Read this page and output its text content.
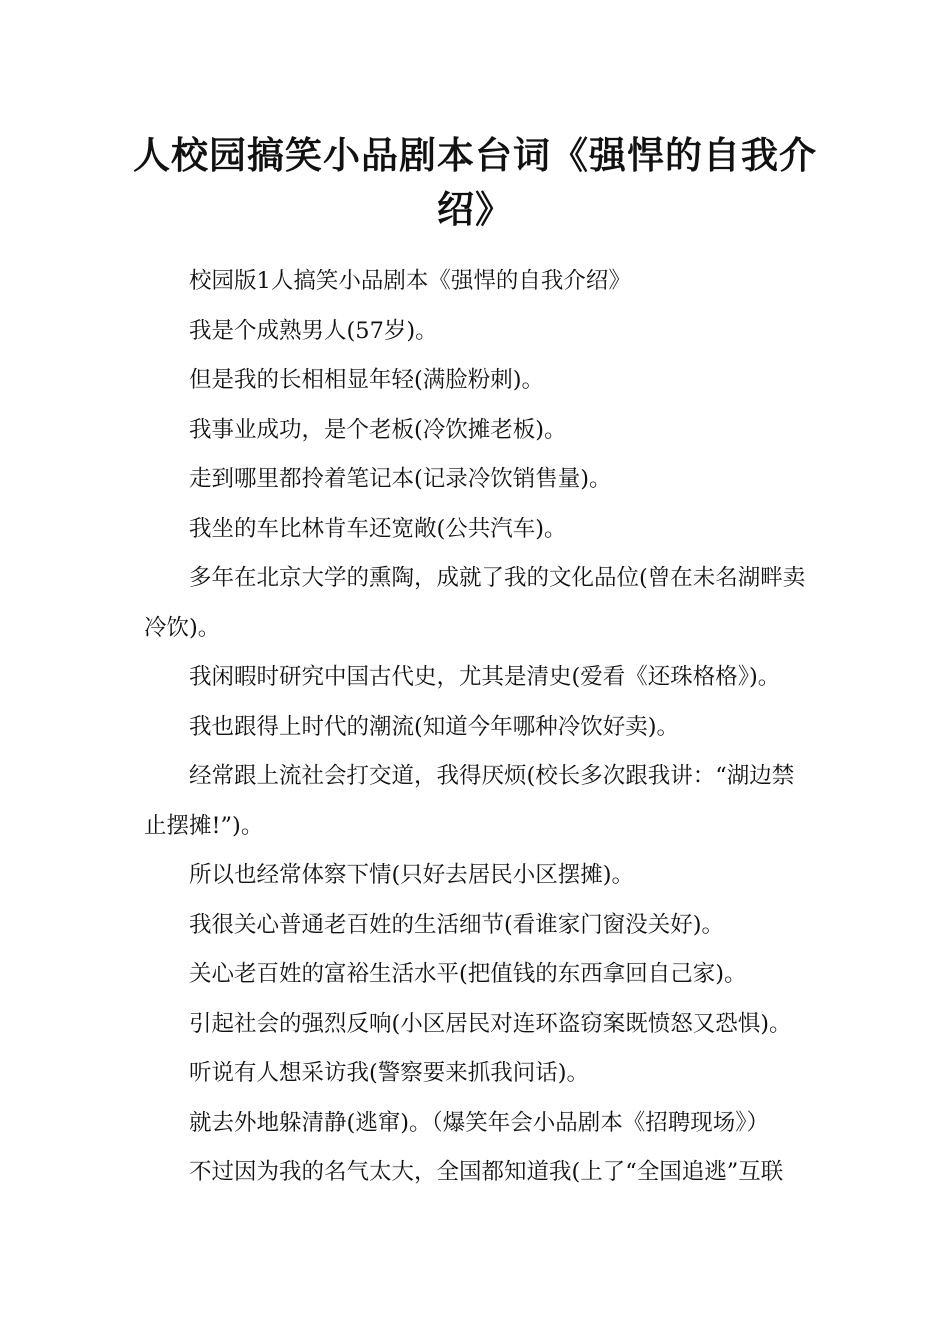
人校园搞笑小品剧本台词《强悍的自我介绍》

校园版1人搞笑小品剧本《强悍的自我介绍》

我是个成熟男人(57岁)。

但是我的长相相显年轻(满脸粉刺)。

我事业成功，是个老板(冷饮摊老板)。

走到哪里都拎着笔记本(记录冷饮销售量)。

我坐的车比林肯车还宽敞(公共汽车)。

多年在北京大学的熏陶，成就了我的文化品位(曾在未名湖畔卖冷饮)。

我闲暇时研究中国古代史，尤其是清史(爱看《还珠格格》)。

我也跟得上时代的潮流(知道今年哪种冷饮好卖)。

经常跟上流社会打交道，我得厌烦(校长多次跟我讲：“湖边禁止摆摊!”)。

所以也经常体察下情(只好去居民小区摆摊)。

我很关心普通老百姓的生活细节(看谁家门窗没关好)。

关心老百姓的富裕生活水平(把值钱的东西拿回自己家)。

引起社会的强烈反响(小区居民对连环盗窃案既愤怒又恐惧)。

听说有人想采访我(警察要来抓我问话)。

就去外地躲清静(逃窜)。（爆笑年会小品剧本《招聘现场》）

不过因为我的名气太大，全国都知道我(上了“全国追逃”互联
